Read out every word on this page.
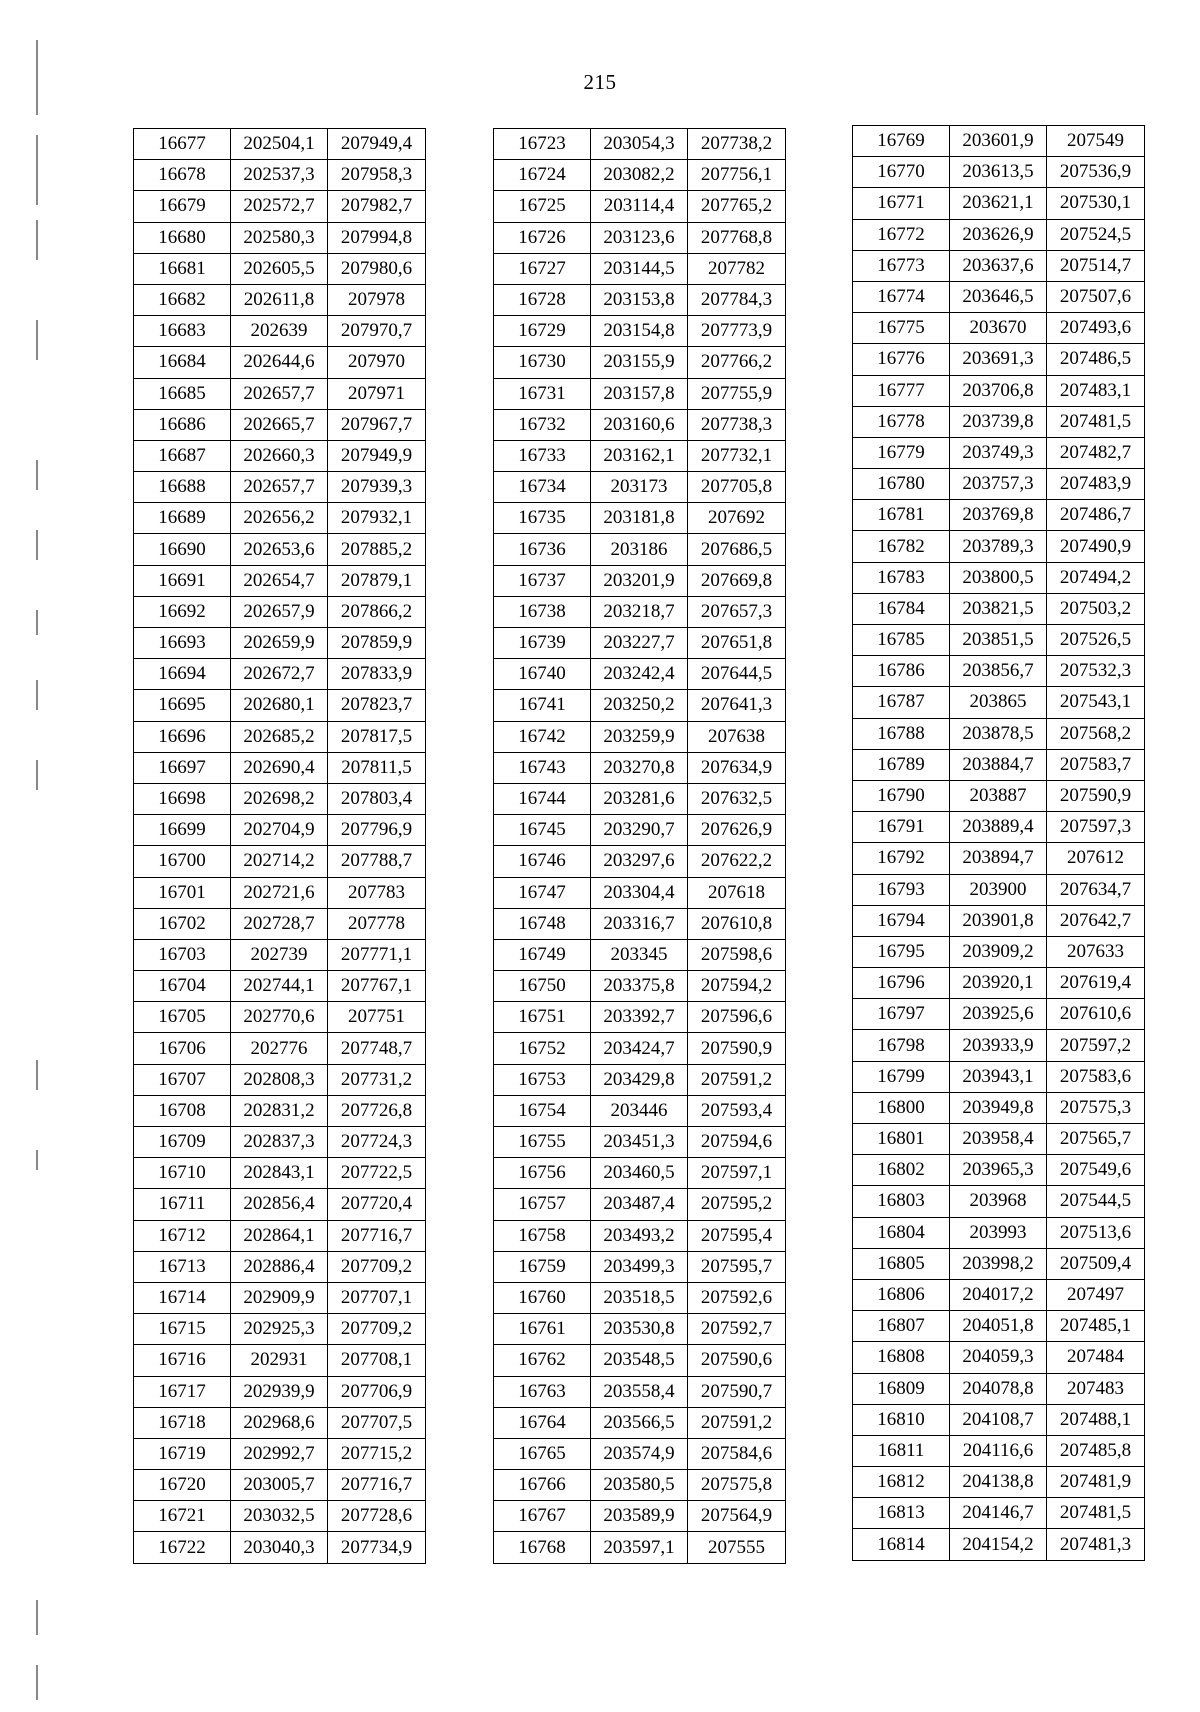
215
16677	202504,1	207949,4
16678	202537,3	207958,3
16679	202572,7	207982,7
16680	202580,3	207994,8
16681	202605,5	207980,6
16682	202611,8	207978
16683	202639	207970,7
16684	202644,6	207970
16685	202657,7	207971
16686	202665,7	207967,7
16687	202660,3	207949,9
16688	202657,7	207939,3
16689	202656,2	207932,1
16690	202653,6	207885,2
16691	202654,7	207879,1
16692	202657,9	207866,2
16693	202659,9	207859,9
16694	202672,7	207833,9
16695	202680,1	207823,7
16696	202685,2	207817,5
16697	202690,4	207811,5
16698	202698,2	207803,4
16699	202704,9	207796,9
16700	202714,2	207788,7
16701	202721,6	207783
16702	202728,7	207778
16703	202739	207771,1
16704	202744,1	207767,1
16705	202770,6	207751
16706	202776	207748,7
16707	202808,3	207731,2
16708	202831,2	207726,8
16709	202837,3	207724,3
16710	202843,1	207722,5
16711	202856,4	207720,4
16712	202864,1	207716,7
16713	202886,4	207709,2
16714	202909,9	207707,1
16715	202925,3	207709,2
16716	202931	207708,1
16717	202939,9	207706,9
16718	202968,6	207707,5
16719	202992,7	207715,2
16720	203005,7	207716,7
16721	203032,5	207728,6
16722	203040,3	207734,9
16723	203054,3	207738,2
16724	203082,2	207756,1
16725	203114,4	207765,2
16726	203123,6	207768,8
16727	203144,5	207782
16728	203153,8	207784,3
16729	203154,8	207773,9
16730	203155,9	207766,2
16731	203157,8	207755,9
16732	203160,6	207738,3
16733	203162,1	207732,1
16734	203173	207705,8
16735	203181,8	207692
16736	203186	207686,5
16737	203201,9	207669,8
16738	203218,7	207657,3
16739	203227,7	207651,8
16740	203242,4	207644,5
16741	203250,2	207641,3
16742	203259,9	207638
16743	203270,8	207634,9
16744	203281,6	207632,5
16745	203290,7	207626,9
16746	203297,6	207622,2
16747	203304,4	207618
16748	203316,7	207610,8
16749	203345	207598,6
16750	203375,8	207594,2
16751	203392,7	207596,6
16752	203424,7	207590,9
16753	203429,8	207591,2
16754	203446	207593,4
16755	203451,3	207594,6
16756	203460,5	207597,1
16757	203487,4	207595,2
16758	203493,2	207595,4
16759	203499,3	207595,7
16760	203518,5	207592,6
16761	203530,8	207592,7
16762	203548,5	207590,6
16763	203558,4	207590,7
16764	203566,5	207591,2
16765	203574,9	207584,6
16766	203580,5	207575,8
16767	203589,9	207564,9
16768	203597,1	207555
16769	203601,9	207549
16770	203613,5	207536,9
16771	203621,1	207530,1
16772	203626,9	207524,5
16773	203637,6	207514,7
16774	203646,5	207507,6
16775	203670	207493,6
16776	203691,3	207486,5
16777	203706,8	207483,1
16778	203739,8	207481,5
16779	203749,3	207482,7
16780	203757,3	207483,9
16781	203769,8	207486,7
16782	203789,3	207490,9
16783	203800,5	207494,2
16784	203821,5	207503,2
16785	203851,5	207526,5
16786	203856,7	207532,3
16787	203865	207543,1
16788	203878,5	207568,2
16789	203884,7	207583,7
16790	203887	207590,9
16791	203889,4	207597,3
16792	203894,7	207612
16793	203900	207634,7
16794	203901,8	207642,7
16795	203909,2	207633
16796	203920,1	207619,4
16797	203925,6	207610,6
16798	203933,9	207597,2
16799	203943,1	207583,6
16800	203949,8	207575,3
16801	203958,4	207565,7
16802	203965,3	207549,6
16803	203968	207544,5
16804	203993	207513,6
16805	203998,2	207509,4
16806	204017,2	207497
16807	204051,8	207485,1
16808	204059,3	207484
16809	204078,8	207483
16810	204108,7	207488,1
16811	204116,6	207485,8
16812	204138,8	207481,9
16813	204146,7	207481,5
16814	204154,2	207481,3
